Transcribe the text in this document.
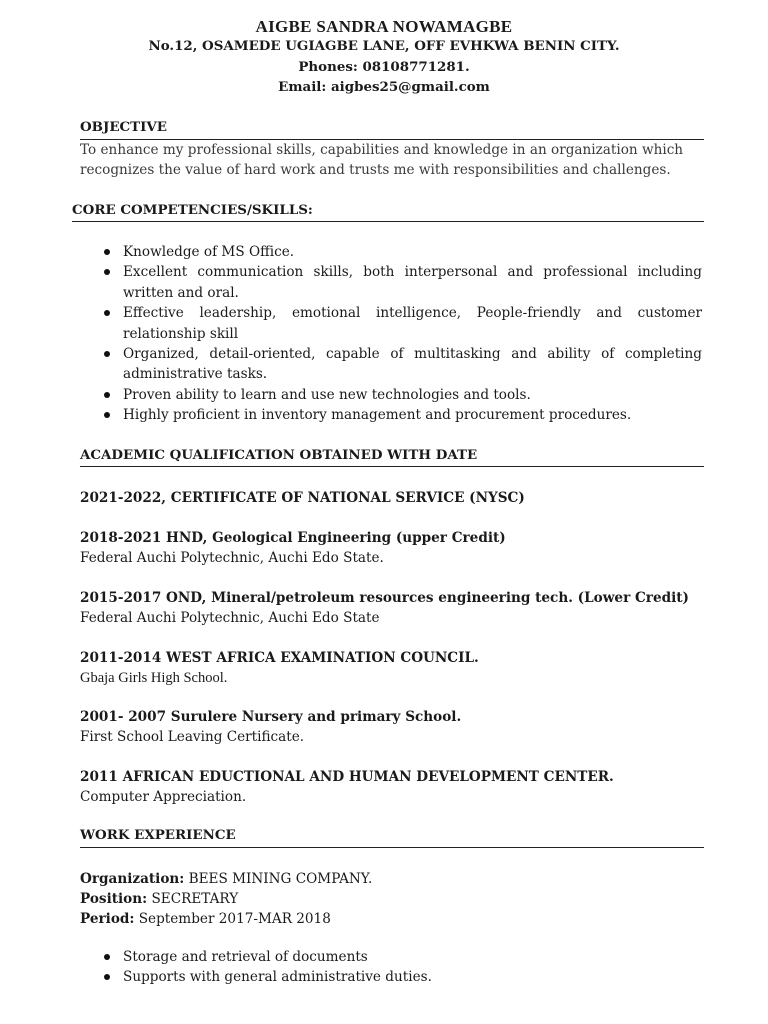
AIGBE SANDRA NOWAMAGBE
No.12, OSAMEDE UGIAGBE LANE, OFF EVHKWA BENIN CITY.
Phones: 08108771281.
Email: aigbes25@gmail.com
OBJECTIVE
To enhance my professional skills, capabilities and knowledge in an organization which
recognizes the value of hard work and trusts me with responsibilities and challenges.
CORE COMPETENCIES/SKILLS:
Knowledge of MS Office.
Excellent communication skills, both interpersonal and professional including written and oral.
Effective leadership, emotional intelligence, People-friendly and customer relationship skill
Organized, detail-oriented, capable of multitasking and ability of completing administrative tasks.
Proven ability to learn and use new technologies and tools.
Highly proficient in inventory management and procurement procedures.
ACADEMIC QUALIFICATION OBTAINED WITH DATE
2021-2022, CERTIFICATE OF NATIONAL SERVICE (NYSC)
2018-2021 HND, Geological Engineering (upper Credit)
Federal Auchi Polytechnic, Auchi Edo State.
2015-2017 OND, Mineral/petroleum resources engineering tech. (Lower Credit)
Federal Auchi Polytechnic, Auchi Edo State
2011-2014 WEST AFRICA EXAMINATION COUNCIL.
Gbaja Girls High School.
2001- 2007 Surulere Nursery and primary School.
First School Leaving Certificate.
2011 AFRICAN EDUCTIONAL AND HUMAN DEVELOPMENT CENTER.
Computer Appreciation.
WORK EXPERIENCE
Organization: BEES MINING COMPANY.
Position: SECRETARY
Period: September 2017-MAR 2018
Storage and retrieval of documents
Supports with general administrative duties.
